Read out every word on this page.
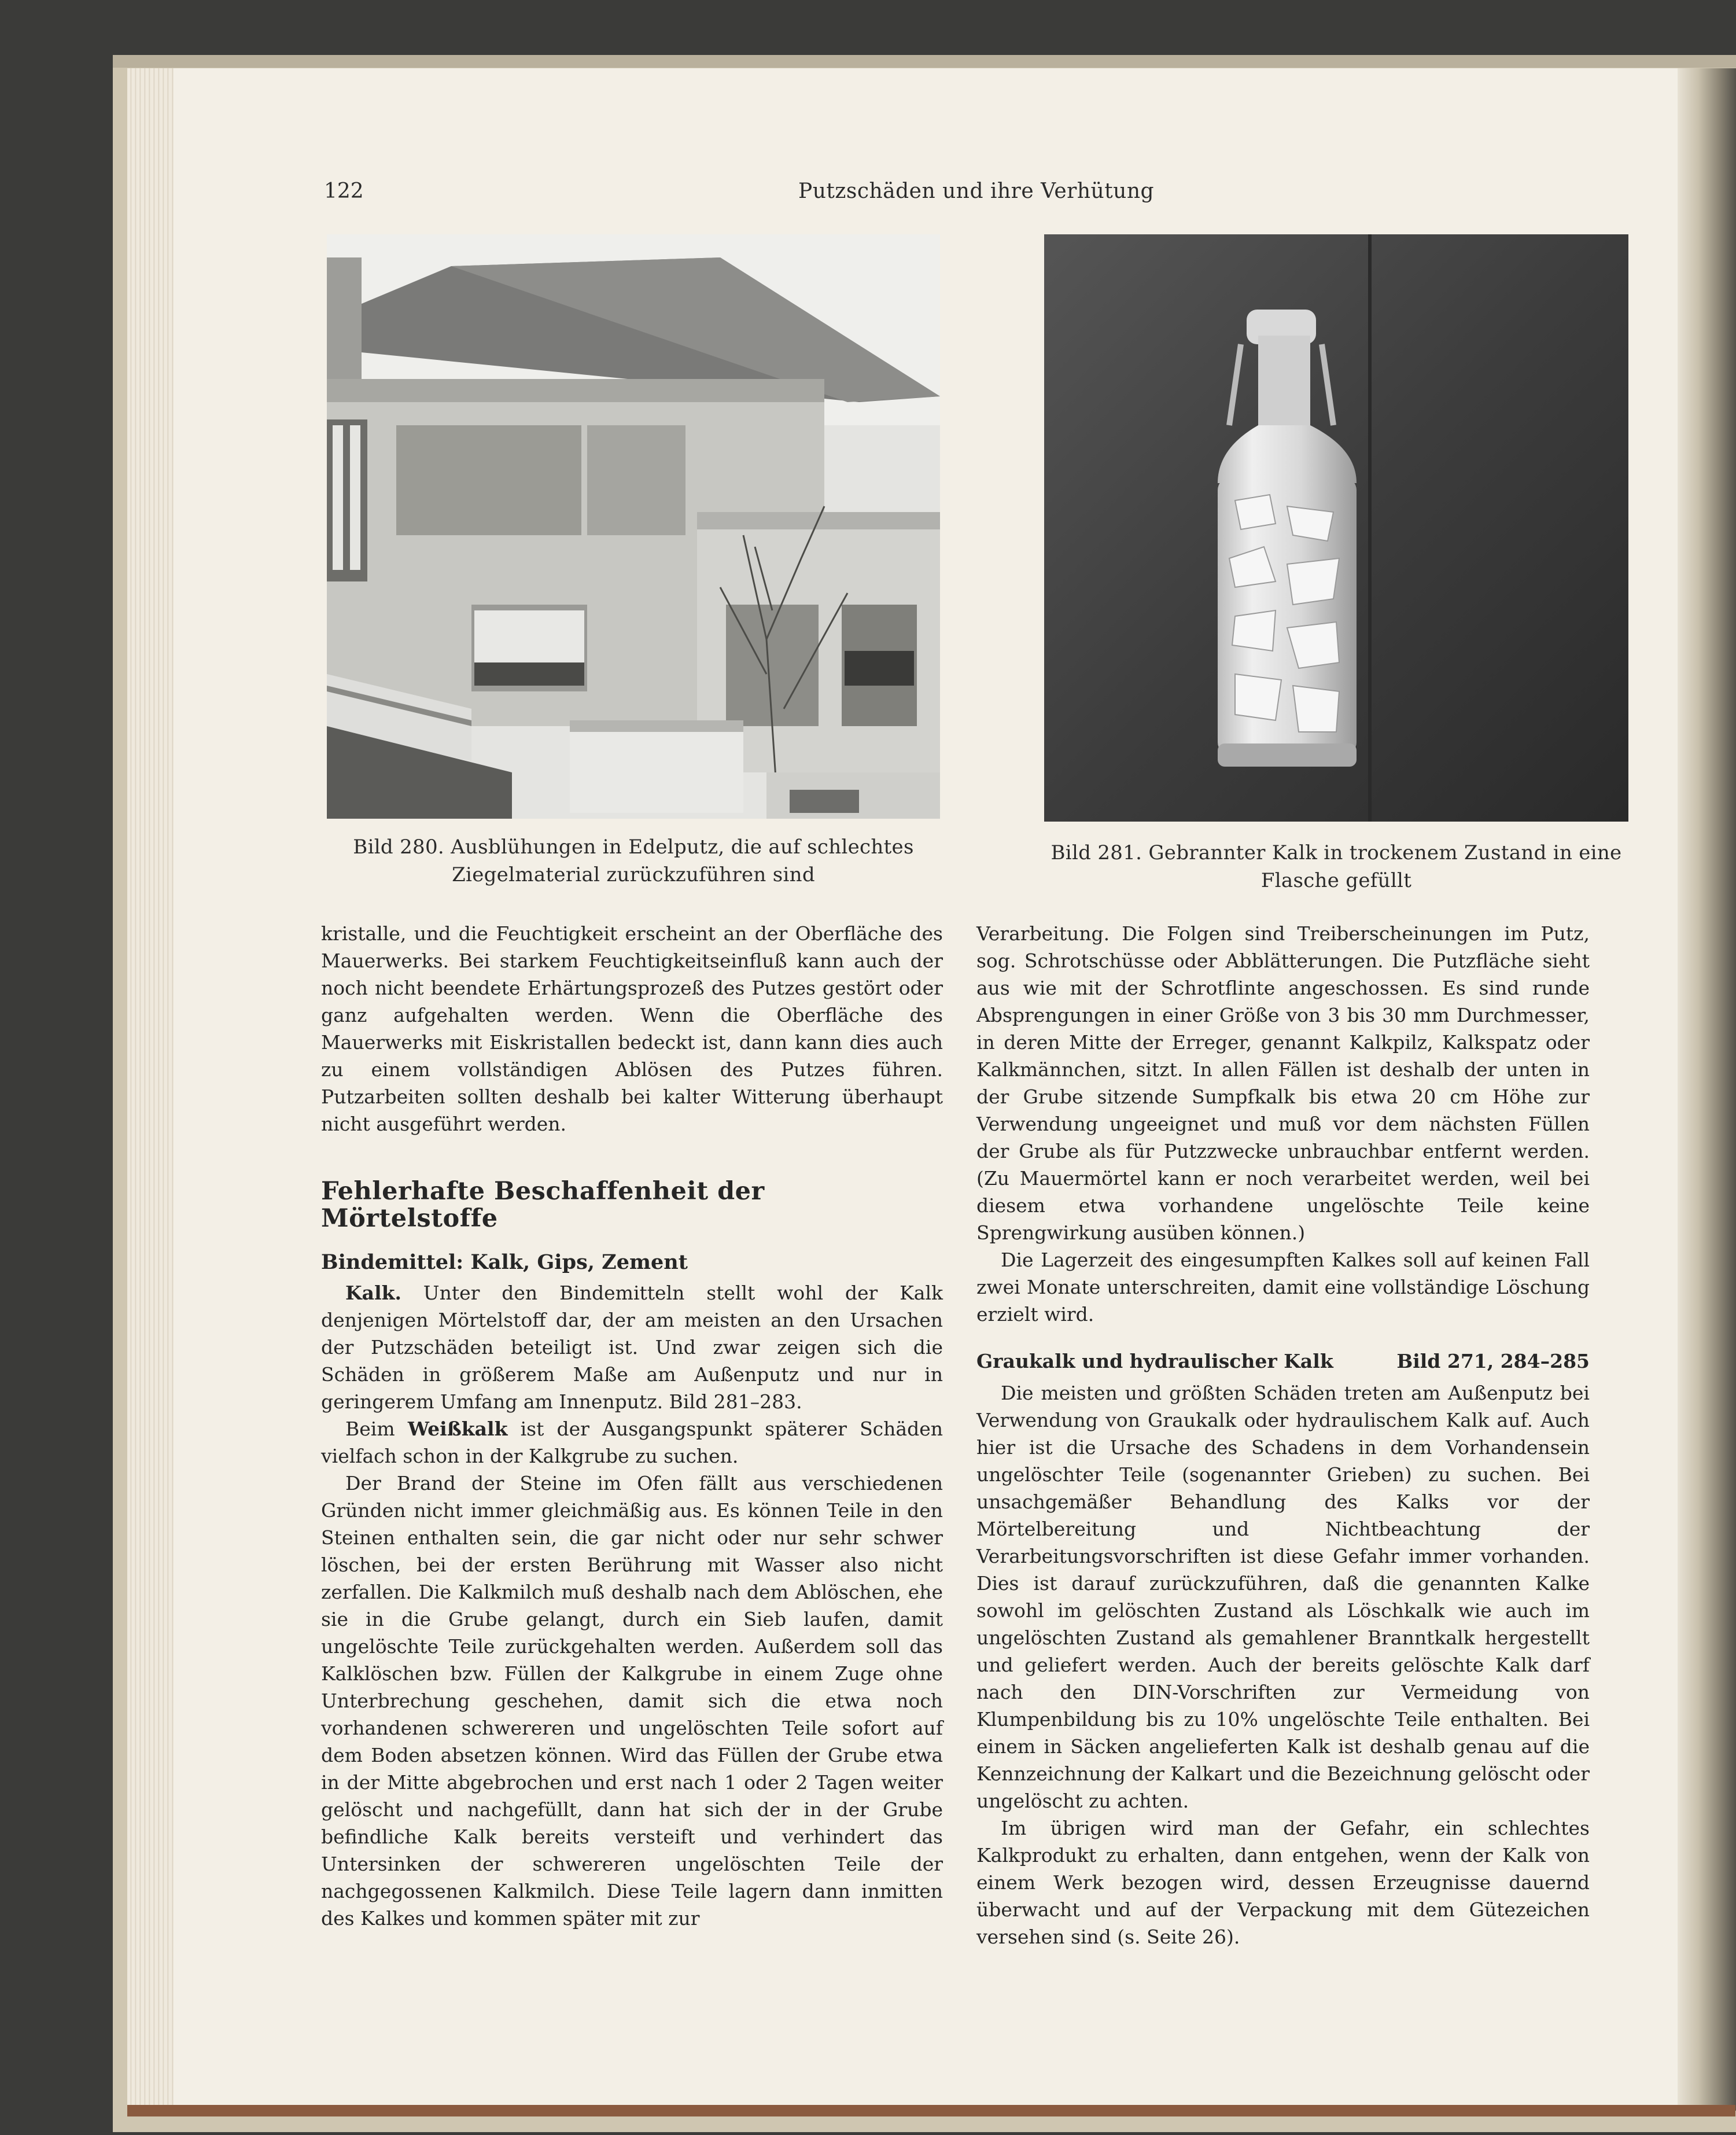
122	Putzschäden und ihre Verhütung
Bild 280. Ausblühungen in Edelputz, die auf schlechtes Ziegelmaterial zurückzuführen sind
Bild 281. Gebrannter Kalk in trockenem Zustand in eine Flasche gefüllt

kristalle, und die Feuchtigkeit erscheint an der Oberfläche des Mauerwerks. Bei starkem Feuchtigkeitseinfluß kann auch der noch nicht beendete Erhärtungsprozeß des Putzes gestört oder ganz aufgehalten werden. Wenn die Oberfläche des Mauerwerks mit Eiskristallen bedeckt ist, dann kann dies auch zu einem vollständigen Ablösen des Putzes führen. Putzarbeiten sollten deshalb bei kalter Witterung überhaupt nicht ausgeführt werden.

Fehlerhafte Beschaffenheit der Mörtelstoffe

Bindemittel: Kalk, Gips, Zement

Kalk. Unter den Bindemitteln stellt wohl der Kalk denjenigen Mörtelstoff dar, der am meisten an den Ursachen der Putzschäden beteiligt ist. Und zwar zeigen sich die Schäden in größerem Maße am Außenputz und nur in geringerem Umfang am Innenputz. Bild 281–283.

Beim Weißkalk ist der Ausgangspunkt späterer Schäden vielfach schon in der Kalkgrube zu suchen.

Der Brand der Steine im Ofen fällt aus verschiedenen Gründen nicht immer gleichmäßig aus. Es können Teile in den Steinen enthalten sein, die gar nicht oder nur sehr schwer löschen, bei der ersten Berührung mit Wasser also nicht zerfallen. Die Kalkmilch muß deshalb nach dem Ablöschen, ehe sie in die Grube gelangt, durch ein Sieb laufen, damit ungelöschte Teile zurückgehalten werden. Außerdem soll das Kalklöschen bzw. Füllen der Kalkgrube in einem Zuge ohne Unterbrechung geschehen, damit sich die etwa noch vorhandenen schwereren und ungelöschten Teile sofort auf dem Boden absetzen können. Wird das Füllen der Grube etwa in der Mitte abgebrochen und erst nach 1 oder 2 Tagen weiter gelöscht und nachgefüllt, dann hat sich der in der Grube befindliche Kalk bereits versteift und verhindert das Untersinken der schwereren ungelöschten Teile der nachgegossenen Kalkmilch. Diese Teile lagern dann inmitten des Kalkes und kommen später mit zur

Verarbeitung. Die Folgen sind Treiberscheinungen im Putz, sog. Schrotschüsse oder Abblätterungen. Die Putzfläche sieht aus wie mit der Schrotflinte angeschossen. Es sind runde Absprengungen in einer Größe von 3 bis 30 mm Durchmesser, in deren Mitte der Erreger, genannt Kalkpilz, Kalkspatz oder Kalkmännchen, sitzt. In allen Fällen ist deshalb der unten in der Grube sitzende Sumpfkalk bis etwa 20 cm Höhe zur Verwendung ungeeignet und muß vor dem nächsten Füllen der Grube als für Putzzwecke unbrauchbar entfernt werden. (Zu Mauermörtel kann er noch verarbeitet werden, weil bei diesem etwa vorhandene ungelöschte Teile keine Sprengwirkung ausüben können.)

Die Lagerzeit des eingesumpften Kalkes soll auf keinen Fall zwei Monate unterschreiten, damit eine vollständige Löschung erzielt wird.

Graukalk und hydraulischer Kalk	Bild 271, 284–285

Die meisten und größten Schäden treten am Außenputz bei Verwendung von Graukalk oder hydraulischem Kalk auf. Auch hier ist die Ursache des Schadens in dem Vorhandensein ungelöschter Teile (sogenannter Grieben) zu suchen. Bei unsachgemäßer Behandlung des Kalks vor der Mörtelbereitung und Nichtbeachtung der Verarbeitungsvorschriften ist diese Gefahr immer vorhanden. Dies ist darauf zurückzuführen, daß die genannten Kalke sowohl im gelöschten Zustand als Löschkalk wie auch im ungelöschten Zustand als gemahlener Branntkalk hergestellt und geliefert werden. Auch der bereits gelöschte Kalk darf nach den DIN-Vorschriften zur Vermeidung von Klumpenbildung bis zu 10% ungelöschte Teile enthalten. Bei einem in Säcken angelieferten Kalk ist deshalb genau auf die Kennzeichnung der Kalkart und die Bezeichnung gelöscht oder ungelöscht zu achten.

Im übrigen wird man der Gefahr, ein schlechtes Kalkprodukt zu erhalten, dann entgehen, wenn der Kalk von einem Werk bezogen wird, dessen Erzeugnisse dauernd überwacht und auf der Verpackung mit dem Gütezeichen versehen sind (s. Seite 26).
